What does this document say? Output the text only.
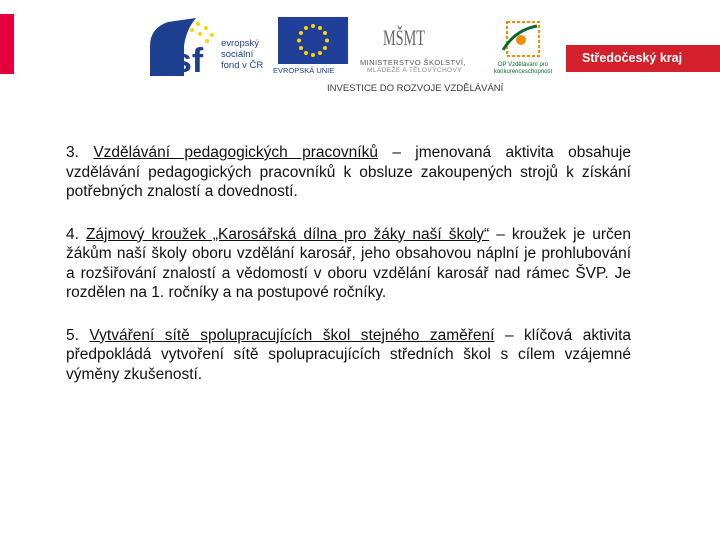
esf evropský
sociální
fond v ČR EVROPSKÁ UNIE
MŠMT
MINISTERSTVO ŠKOLSTVÍ,
MLÁDEŽE A TĚLOVÝCHOVY
OP Vzdělávání pro konkurenceschopnost
Středočeský kraj
INVESTICE DO ROZVOJE VZDĚLÁVÁNÍ

3. Vzdělávání pedagogických pracovníků – jmenovaná aktivita obsahuje vzdělávání pedagogických pracovníků k obsluze zakoupených strojů k získání potřebných znalostí a dovedností.

4. Zájmový kroužek „Karosářská dílna pro žáky naší školy“ – kroužek je určen žákům naší školy oboru vzdělání karosář, jeho obsahovou náplní je prohlubování a rozšiřování znalostí a vědomostí v oboru vzdělání karosář nad rámec ŠVP. Je rozdělen na 1. ročníky a na postupové ročníky.

5. Vytváření sítě spolupracujících škol stejného zaměření – klíčová aktivita předpokládá vytvoření sítě spolupracujících středních škol s cílem vzájemné výměny zkušeností.
